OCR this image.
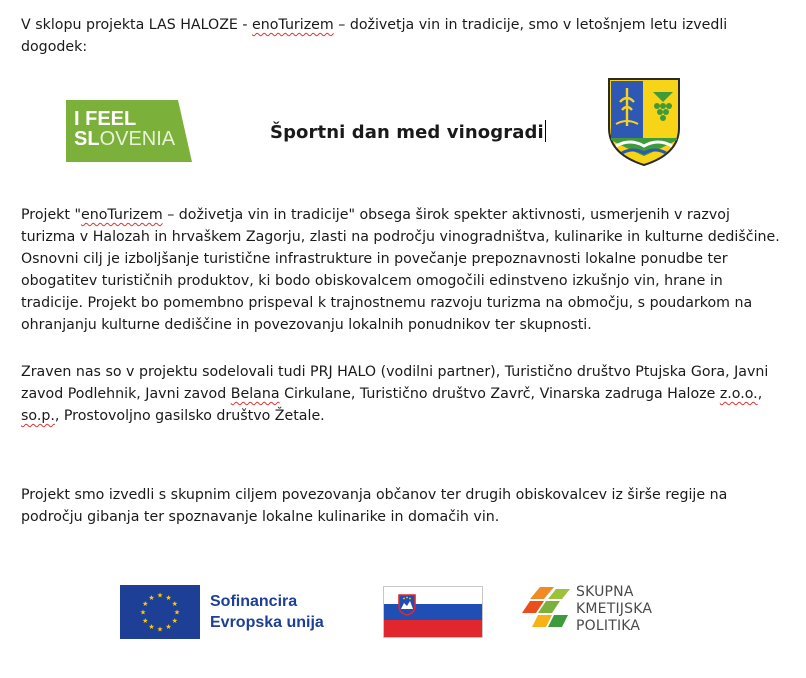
V sklopu projekta LAS HALOZE - enoTurizem – doživetja vin in tradicije, smo v letošnjem letu izvedli dogodek:

I FEEL
SLOVENIA	Športni dan med vinogradi

Projekt "enoTurizem – doživetja vin in tradicije" obsega širok spekter aktivnosti, usmerjenih v razvoj turizma v Halozah in hrvaškem Zagorju, zlasti na področju vinogradništva, kulinarike in kulturne dediščine. Osnovni cilj je izboljšanje turistične infrastrukture in povečanje prepoznavnosti lokalne ponudbe ter obogatitev turističnih produktov, ki bodo obiskovalcem omogočili edinstveno izkušnjo vin, hrane in tradicije. Projekt bo pomembno prispeval k trajnostnemu razvoju turizma na območju, s poudarkom na ohranjanju kulturne dediščine in povezovanju lokalnih ponudnikov ter skupnosti.

Zraven nas so v projektu sodelovali tudi PRJ HALO (vodilni partner), Turistično društvo Ptujska Gora, Javni zavod Podlehnik, Javni zavod Belana Cirkulane, Turistično društvo Zavrč, Vinarska zadruga Haloze z.o.o., so.p., Prostovoljno gasilsko društvo Žetale.

Projekt smo izvedli s skupnim ciljem povezovanja občanov ter drugih obiskovalcev iz širše regije na področju gibanja ter spoznavanje lokalne kulinarike in domačih vin.

★ ★
★
★
★
★
★
★
★
★
★
★	Sofinancira
Evropska unija
SKUPNA
KMETIJSKA
POLITIKA
